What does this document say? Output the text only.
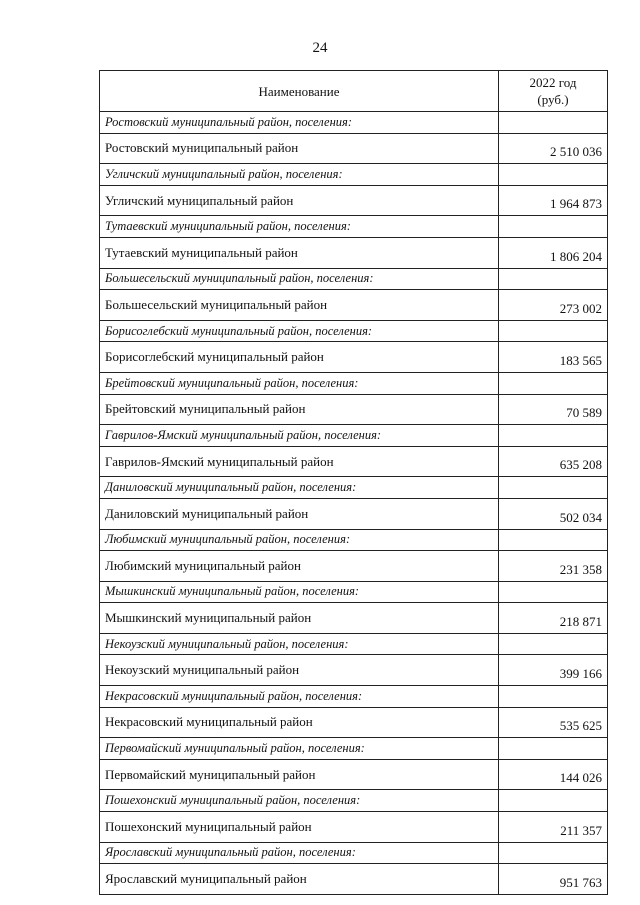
24
Наименование	2022 год
(руб.)
Ростовский муниципальный район, поселения:	
Ростовский муниципальный район	2 510 036
Угличский муниципальный район, поселения:	
Угличский муниципальный район	1 964 873
Тутаевский муниципальный район, поселения:	
Тутаевский муниципальный район	1 806 204
Большесельский муниципальный район, поселения:	
Большесельский муниципальный район	273 002
Борисоглебский муниципальный район, поселения:	
Борисоглебский муниципальный район	183 565
Брейтовский муниципальный район, поселения:	
Брейтовский муниципальный район	70 589
Гаврилов-Ямский муниципальный район, поселения:	
Гаврилов-Ямский муниципальный район	635 208
Даниловский муниципальный район, поселения:	
Даниловский муниципальный район	502 034
Любимский муниципальный район, поселения:	
Любимский муниципальный район	231 358
Мышкинский муниципальный район, поселения:	
Мышкинский муниципальный район	218 871
Некоузский муниципальный район, поселения:	
Некоузский муниципальный район	399 166
Некрасовский муниципальный район, поселения:	
Некрасовский муниципальный район	535 625
Первомайский муниципальный район, поселения:	
Первомайский муниципальный район	144 026
Пошехонский муниципальный район, поселения:	
Пошехонский муниципальный район	211 357
Ярославский муниципальный район, поселения:	
Ярославский муниципальный район	951 763
